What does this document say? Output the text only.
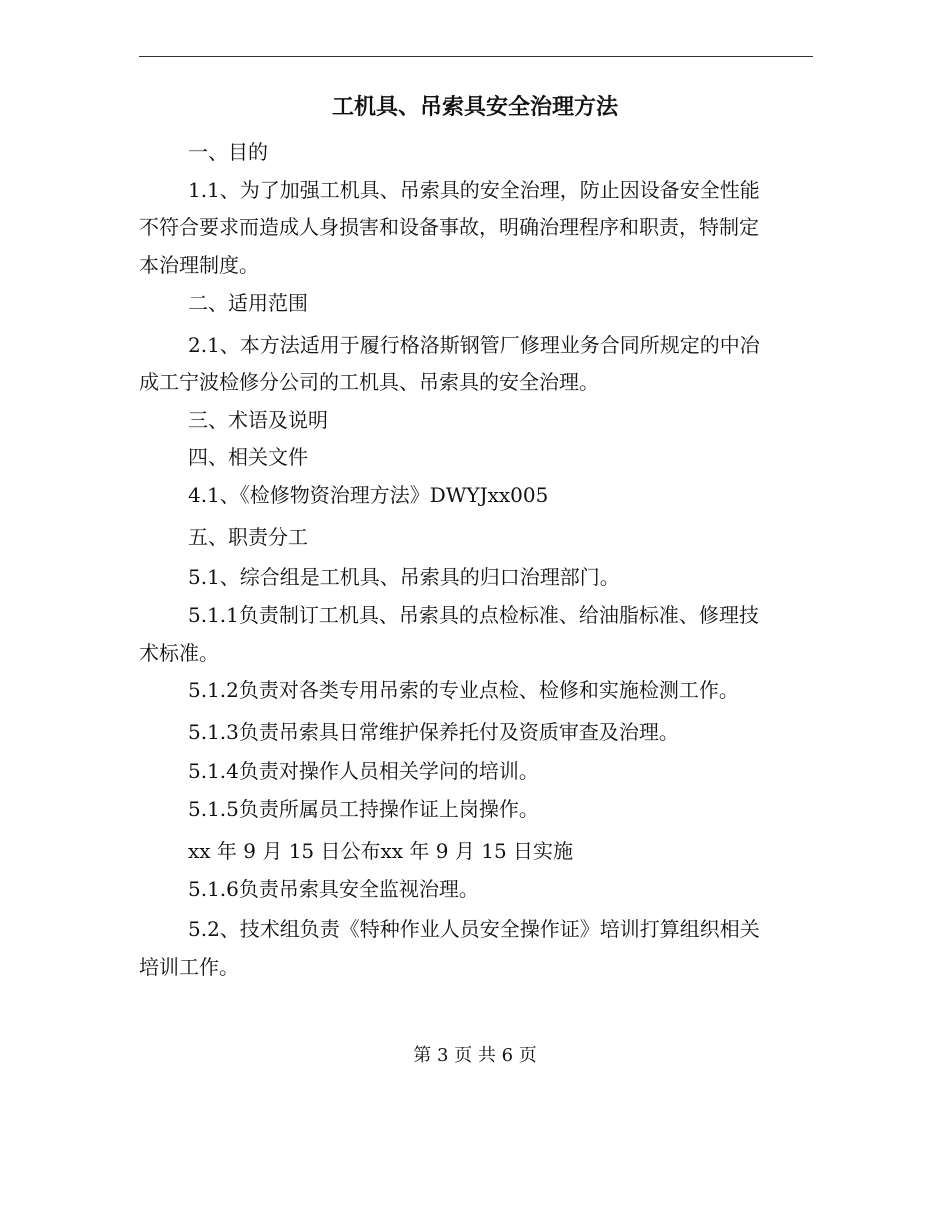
工机具、吊索具安全治理方法
一、目的
1.1、为了加强工机具、吊索具的安全治理，防止因设备安全性能
不符合要求而造成人身损害和设备事故，明确治理程序和职责，特制定
本治理制度。
二、适用范围
2.1、本方法适用于履行格洛斯钢管厂修理业务合同所规定的中冶
成工宁波检修分公司的工机具、吊索具的安全治理。
三、术语及说明
四、相关文件
4.1、《检修物资治理方法》DWYJxx005
五、职责分工
5.1、综合组是工机具、吊索具的归口治理部门。
5.1.1负责制订工机具、吊索具的点检标准、给油脂标准、修理技
术标准。
5.1.2负责对各类专用吊索的专业点检、检修和实施检测工作。
5.1.3负责吊索具日常维护保养托付及资质审查及治理。
5.1.4负责对操作人员相关学问的培训。
5.1.5负责所属员工持操作证上岗操作。
xx 年 9 月 15 日公布xx 年 9 月 15 日实施
5.1.6负责吊索具安全监视治理。
5.2、技术组负责《特种作业人员安全操作证》培训打算组织相关
培训工作。
第 3 页 共 6 页
